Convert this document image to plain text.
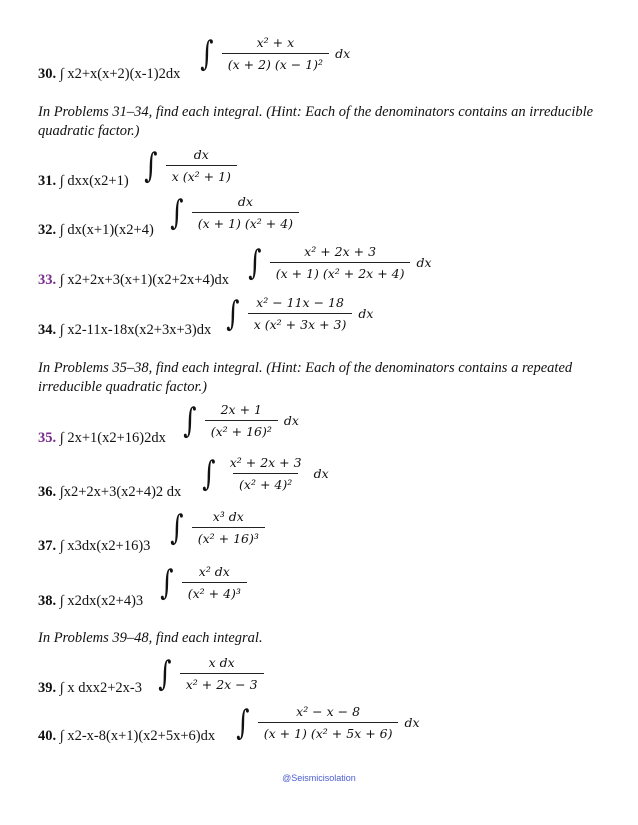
30. ∫ x2+x(x+2)(x-1)2dx
∫ $\frac{\text{x² + x}}{\text{(x + 2) (x − 1)²}}$ dx
In Problems 31–34, find each integral. (Hint: Each of the denominators contains an irreducible quadratic factor.)
31. ∫ dxx(x2+1) ∫ $\frac{dx}{\text{x (x² + 1)}}$
32. ∫ dx(x+1)(x2+4) ∫ $\frac{dx}{\text{(x + 1) (x² + 4)}}$
33. ∫ x2+2x+3(x+1)(x2+2x+4)dx ∫ $\frac{\text{x² + 2x + 3}}{\text{(x + 1) (x² + 2x + 4)}}$ dx
34. ∫ x2-11x-18x(x2+3x+3)dx ∫ $\frac{\text{x² − 11x − 18}}{\text{x (x² + 3x + 3)}}$ dx
In Problems 35–38, find each integral. (Hint: Each of the denominators contains a repeated irreducible quadratic factor.)
35. ∫ 2x+1(x2+16)2dx ∫ $\frac{2x + 1}{\text{(x² + 16)²}}$ dx
36. ∫x2+2x+3(x2+4)2 dx ∫ $\frac{\text{x² + 2x + 3}}{\text{(x² + 4)²}}$ dx
37. ∫ x3dx(x2+16)3 ∫ $\frac{\text{x³ dx}}{\text{(x² + 16)³}}$
38. ∫ x2dx(x2+4)3 ∫ $\frac{\text{x² dx}}{\text{(x² + 4)³}}$
In Problems 39–48, find each integral.
39. ∫ x dxx2+2x-3 ∫ $\frac{\text{x dx}}{\text{x² + 2x − 3}}$
40. ∫ x2-x-8(x+1)(x2+5x+6)dx ∫ $\frac{\text{x² − x − 8}}{\text{(x + 1) (x² + 5x + 6)}}$ dx
@Seismicisolation
